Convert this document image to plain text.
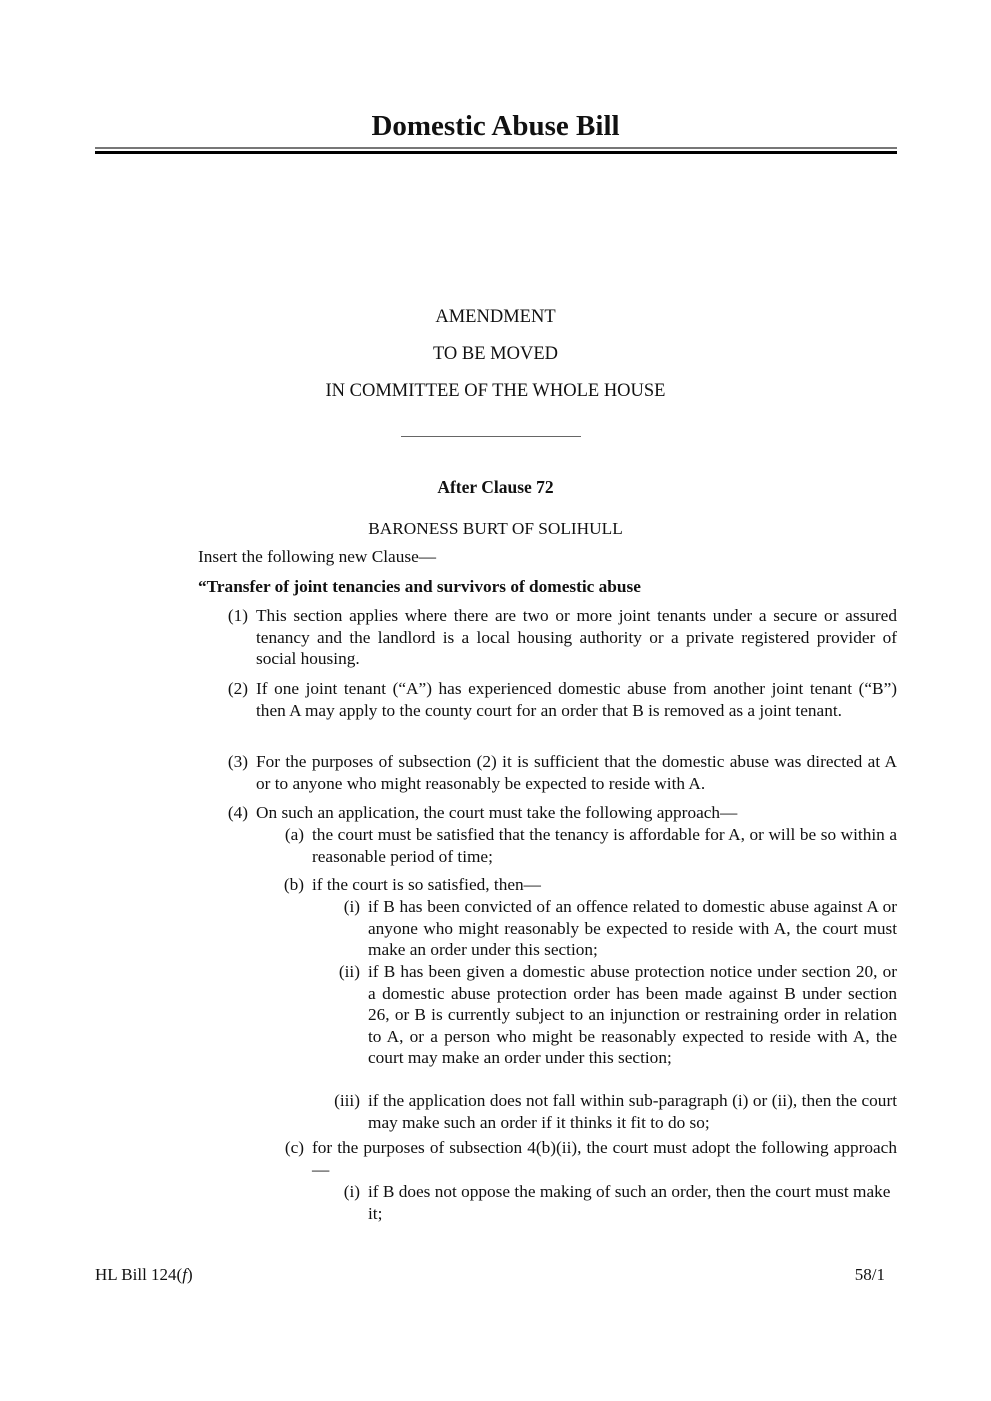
Domestic Abuse Bill
AMENDMENT
TO BE MOVED
IN COMMITTEE OF THE WHOLE HOUSE
After Clause 72
BARONESS BURT OF SOLIHULL
Insert the following new Clause—
“Transfer of joint tenancies and survivors of domestic abuse
(1) This section applies where there are two or more joint tenants under a secure or assured tenancy and the landlord is a local housing authority or a private registered provider of social housing.
(2) If one joint tenant (“A”) has experienced domestic abuse from another joint tenant (“B”) then A may apply to the county court for an order that B is removed as a joint tenant.
(3) For the purposes of subsection (2) it is sufficient that the domestic abuse was directed at A or to anyone who might reasonably be expected to reside with A.
(4) On such an application, the court must take the following approach—
(a) the court must be satisfied that the tenancy is affordable for A, or will be so within a reasonable period of time;
(b) if the court is so satisfied, then—
(i) if B has been convicted of an offence related to domestic abuse against A or anyone who might reasonably be expected to reside with A, the court must make an order under this section;
(ii) if B has been given a domestic abuse protection notice under section 20, or a domestic abuse protection order has been made against B under section 26, or B is currently subject to an injunction or restraining order in relation to A, or a person who might be reasonably expected to reside with A, the court may make an order under this section;
(iii) if the application does not fall within sub-paragraph (i) or (ii), then the court may make such an order if it thinks it fit to do so;
(c) for the purposes of subsection 4(b)(ii), the court must adopt the following approach—
(i) if B does not oppose the making of such an order, then the court must make it;
HL Bill 124(f)	58/1
